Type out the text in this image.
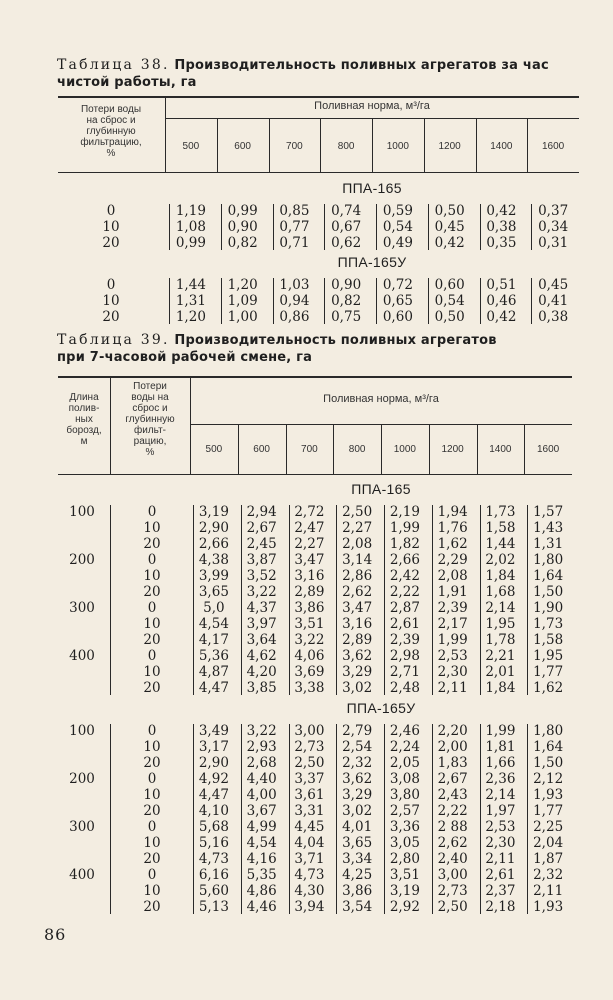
Таблица 38. Производительность поливных агрегатов за час
чистой работы, га
Потери воды
на сброс и
глубинную
фильтрацию,
%
Поливная норма, м³/га
Таблица 39. Производительность поливных агрегатов
при 7-часовой рабочей смене, га
Длина
полив-
ных
борозд,
м
Потери
воды на
сброс и
глубинную
фильт-
рацию,
%
Поливная норма, м³/га
86
500	600	700	800	1000	1200	1400	1600
ППА-165
0	1,19	0,99	0,85	0,74	0,59	0,50	0,42	0,37
10	1,08	0,90	0,77	0,67	0,54	0,45	0,38	0,34
20	0,99	0,82	0,71	0,62	0,49	0,42	0,35	0,31
ППА-165У
0	1,44	1,20	1,03	0,90	0,72	0,60	0,51	0,45
10	1,31	1,09	0,94	0,82	0,65	0,54	0,46	0,41
20	1,20	1,00	0,86	0,75	0,60	0,50	0,42	0,38
500	600	700	800	1000	1200	1400	1600
ППА-165
100	0	3,19	2,94	2,72	2,50	2,19	1,94	1,73	1,57
10	2,90	2,67	2,47	2,27	1,99	1,76	1,58	1,43
20	2,66	2,45	2,27	2,08	1,82	1,62	1,44	1,31
200	0	4,38	3,87	3,47	3,14	2,66	2,29	2,02	1,80
10	3,99	3,52	3,16	2,86	2,42	2,08	1,84	1,64
20	3,65	3,22	2,89	2,62	2,22	1,91	1,68	1,50
300	0	5,0	4,37	3,86	3,47	2,87	2,39	2,14	1,90
10	4,54	3,97	3,51	3,16	2,61	2,17	1,95	1,73
20	4,17	3,64	3,22	2,89	2,39	1,99	1,78	1,58
400	0	5,36	4,62	4,06	3,62	2,98	2,53	2,21	1,95
10	4,87	4,20	3,69	3,29	2,71	2,30	2,01	1,77
20	4,47	3,85	3,38	3,02	2,48	2,11	1,84	1,62
ППА-165У
100	0	3,49	3,22	3,00	2,79	2,46	2,20	1,99	1,80
10	3,17	2,93	2,73	2,54	2,24	2,00	1,81	1,64
20	2,90	2,68	2,50	2,32	2,05	1,83	1,66	1,50
200	0	4,92	4,40	3,37	3,62	3,08	2,67	2,36	2,12
10	4,47	4,00	3,61	3,29	3,80	2,43	2,14	1,93
20	4,10	3,67	3,31	3,02	2,57	2,22	1,97	1,77
300	0	5,68	4,99	4,45	4,01	3,36	2 88	2,53	2,25
10	5,16	4,54	4,04	3,65	3,05	2,62	2,30	2,04
20	4,73	4,16	3,71	3,34	2,80	2,40	2,11	1,87
400	0	6,16	5,35	4,73	4,25	3,51	3,00	2,61	2,32
10	5,60	4,86	4,30	3,86	3,19	2,73	2,37	2,11
20	5,13	4,46	3,94	3,54	2,92	2,50	2,18	1,93
